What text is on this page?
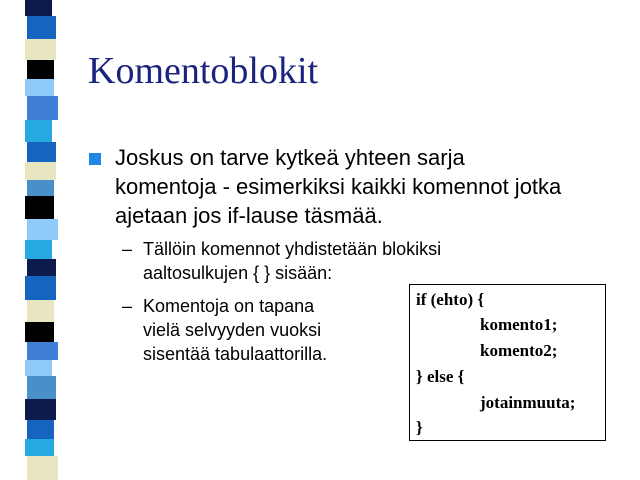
Komentoblokit
Joskus on tarve kytkeä yhteen sarja
komentoja - esimerkiksi kaikki komennot jotka
ajetaan jos if-lause täsmää.
– Tällöin komennot yhdistetään blokiksi
aaltosulkujen { } sisään:
– Komentoja on tapana
vielä selvyyden vuoksi
sisentää tabulaattorilla.
if (ehto) {
komento1;
komento2;
} else {
jotainmuuta;
}
